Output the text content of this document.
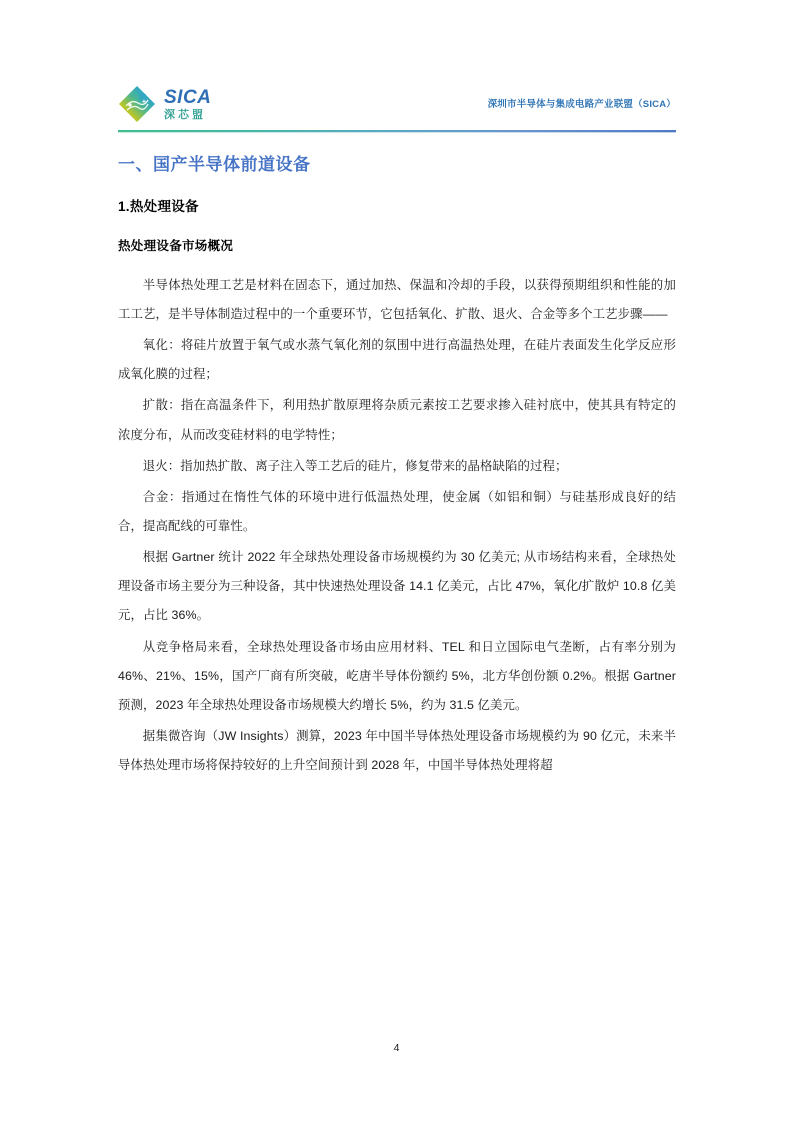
SICA
深芯盟
深圳市半导体与集成电路产业联盟（SICA）
一、国产半导体前道设备
1.热处理设备
热处理设备市场概况

半导体热处理工艺是材料在固态下，通过加热、保温和冷却的手段，以获得预期组织和性能的加工工艺，是半导体制造过程中的一个重要环节，它包括氧化、扩散、退火、合金等多个工艺步骤——

氧化：将硅片放置于氧气或水蒸气氧化剂的氛围中进行高温热处理，在硅片表面发生化学反应形成氧化膜的过程；

扩散：指在高温条件下，利用热扩散原理将杂质元素按工艺要求掺入硅衬底中，使其具有特定的浓度分布，从而改变硅材料的电学特性；

退火：指加热扩散、离子注入等工艺后的硅片，修复带来的晶格缺陷的过程；

合金：指通过在惰性气体的环境中进行低温热处理，使金属（如铝和铜）与硅基形成良好的结合，提高配线的可靠性。

根据 Gartner 统计 2022 年全球热处理设备市场规模约为 30 亿美元; 从市场结构来看，全球热处理设备市场主要分为三种设备，其中快速热处理设备 14.1 亿美元，占比 47%，氧化/扩散炉 10.8 亿美元，占比 36%。

从竞争格局来看，全球热处理设备市场由应用材料、TEL 和日立国际电气垄断，占有率分别为 46%、21%、15%，国产厂商有所突破，屹唐半导体份额约 5%，北方华创份额 0.2%。根据 Gartner 预测，2023 年全球热处理设备市场规模大约增长 5%，约为 31.5 亿美元。

据集微咨询（JW Insights）测算，2023 年中国半导体热处理设备市场规模约为 90 亿元，未来半导体热处理市场将保持较好的上升空间预计到 2028 年，中国半导体热处理将超

4
